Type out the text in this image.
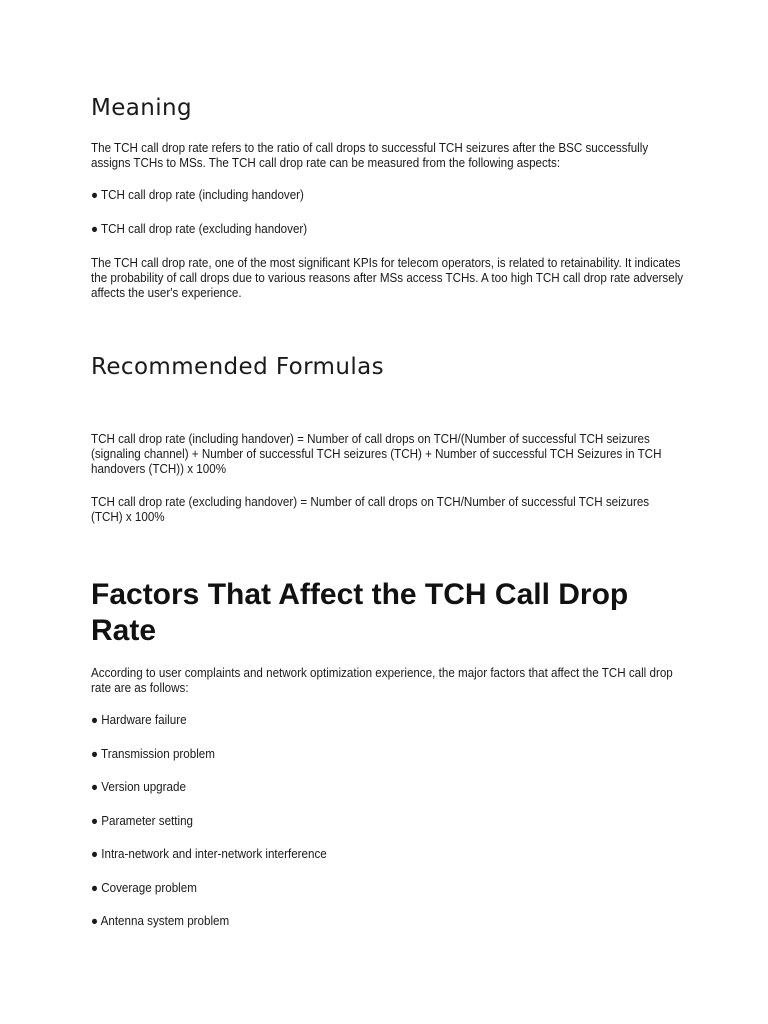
Meaning

The TCH call drop rate refers to the ratio of call drops to successful TCH seizures after the BSC successfully assigns TCHs to MSs. The TCH call drop rate can be measured from the following aspects:

● TCH call drop rate (including handover)
● TCH call drop rate (excluding handover)

The TCH call drop rate, one of the most significant KPIs for telecom operators, is related to retainability. It indicates the probability of call drops due to various reasons after MSs access TCHs. A too high TCH call drop rate adversely affects the user's experience.

Recommended Formulas

TCH call drop rate (including handover) = Number of call drops on TCH/(Number of successful TCH seizures (signaling channel) + Number of successful TCH seizures (TCH) + Number of successful TCH Seizures in TCH handovers (TCH)) x 100%

TCH call drop rate (excluding handover) = Number of call drops on TCH/Number of successful TCH seizures (TCH) x 100%

Factors That Affect the TCH Call Drop
Rate

According to user complaints and network optimization experience, the major factors that affect the TCH call drop rate are as follows:

● Hardware failure
● Transmission problem
● Version upgrade
● Parameter setting
● Intra-network and inter-network interference
● Coverage problem
● Antenna system problem
